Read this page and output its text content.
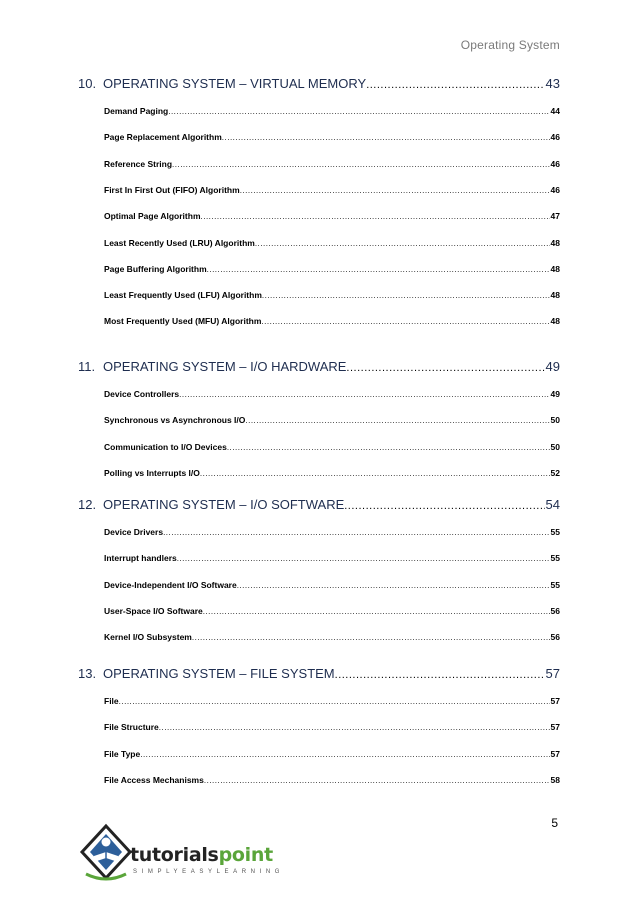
Operating System
10. OPERATING SYSTEM – VIRTUAL MEMORY .....	43
Demand Paging .....	44
Page Replacement Algorithm .....	46
Reference String .....	46
First In First Out (FIFO) Algorithm .....	46
Optimal Page Algorithm .....	47
Least Recently Used (LRU) Algorithm .....	48
Page Buffering Algorithm .....	48
Least Frequently Used (LFU) Algorithm .....	48
Most Frequently Used (MFU) Algorithm .....	48
11. OPERATING SYSTEM – I/O HARDWARE .....	49
Device Controllers .....	49
Synchronous vs Asynchronous I/O .....	50
Communication to I/O Devices .....	50
Polling vs Interrupts I/O .....	52
12. OPERATING SYSTEM – I/O SOFTWARE .....	54
Device Drivers .....	55
Interrupt handlers .....	55
Device-Independent I/O Software .....	55
User-Space I/O Software .....	56
Kernel I/O Subsystem .....	56
13. OPERATING SYSTEM – FILE SYSTEM .....	57
File .....	57
File Structure .....	57
File Type .....	57
File Access Mechanisms .....	58
5
tutorialspoint
SIMPLYEASYLEARNING
